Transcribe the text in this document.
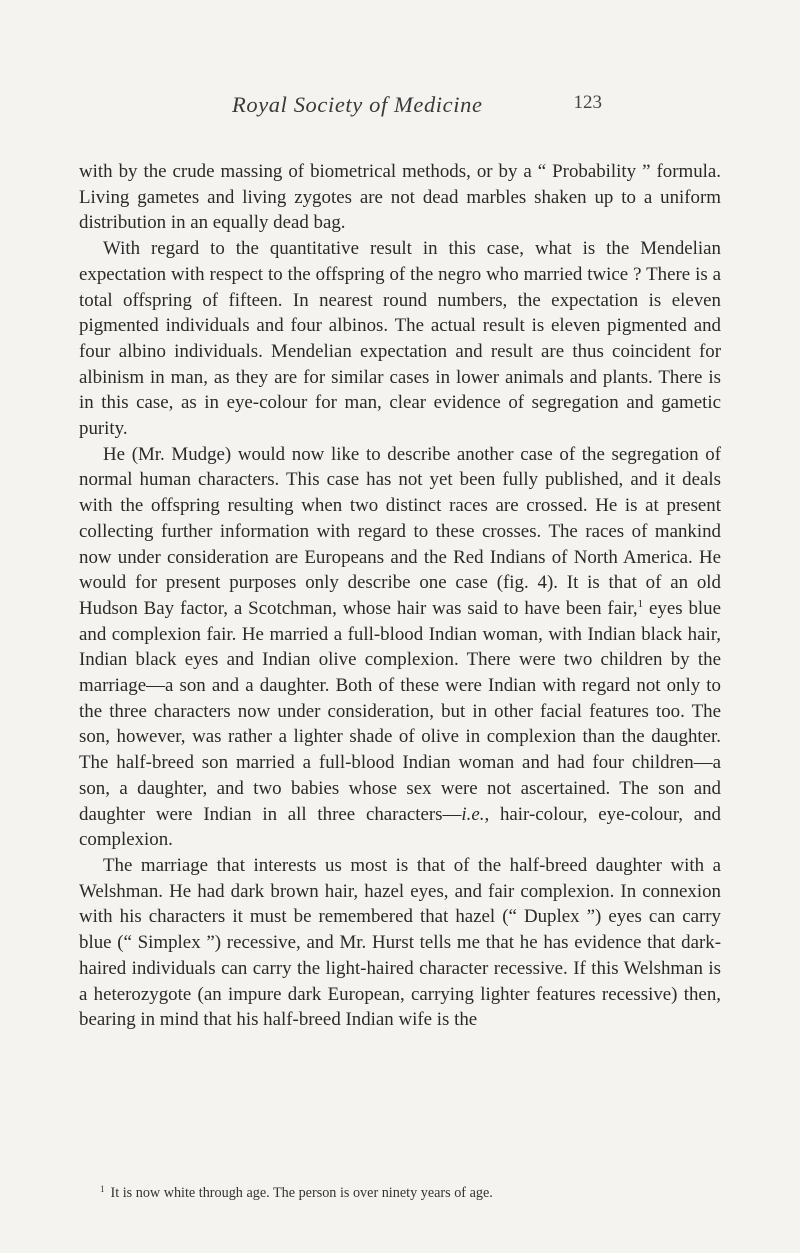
Royal Society of Medicine	123

with by the crude massing of biometrical methods, or by a “ Probability ” formula. Living gametes and living zygotes are not dead marbles shaken up to a uniform distribution in an equally dead bag.

With regard to the quantitative result in this case, what is the Mendelian expectation with respect to the offspring of the negro who married twice ? There is a total offspring of fifteen. In nearest round numbers, the expectation is eleven pigmented individuals and four albinos. The actual result is eleven pigmented and four albino individuals. Mendelian expectation and result are thus coincident for albinism in man, as they are for similar cases in lower animals and plants. There is in this case, as in eye-colour for man, clear evidence of segregation and gametic purity.

He (Mr. Mudge) would now like to describe another case of the segregation of normal human characters. This case has not yet been fully published, and it deals with the offspring resulting when two distinct races are crossed. He is at present collecting further information with regard to these crosses. The races of mankind now under consideration are Europeans and the Red Indians of North America. He would for present purposes only describe one case (fig. 4). It is that of an old Hudson Bay factor, a Scotchman, whose hair was said to have been fair,$^1$ eyes blue and complexion fair. He married a full-blood Indian woman, with Indian black hair, Indian black eyes and Indian olive complexion. There were two children by the marriage—a son and a daughter. Both of these were Indian with regard not only to the three characters now under consideration, but in other facial features too. The son, however, was rather a lighter shade of olive in complexion than the daughter. The half-breed son married a full-blood Indian woman and had four children—a son, a daughter, and two babies whose sex were not ascertained. The son and daughter were Indian in all three characters—i.e., hair-colour, eye-colour, and complexion.

The marriage that interests us most is that of the half-breed daughter with a Welshman. He had dark brown hair, hazel eyes, and fair complexion. In connexion with his characters it must be remembered that hazel (“ Duplex ”) eyes can carry blue (“ Simplex ”) recessive, and Mr. Hurst tells me that he has evidence that dark-haired individuals can carry the light-haired character recessive. If this Welshman is a heterozygote (an impure dark European, carrying lighter features recessive) then, bearing in mind that his half-breed Indian wife is the

$^1$ It is now white through age. The person is over ninety years of age.
